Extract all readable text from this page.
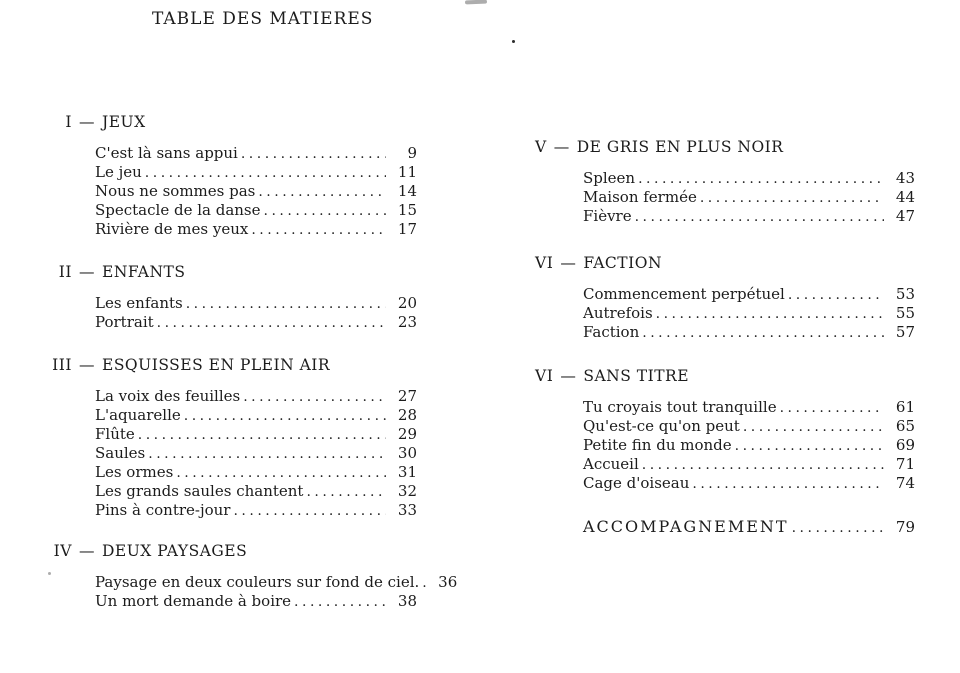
TABLE DES MATIERES
I — JEUX
C'est là sans appui .....	9
Le jeu .....	11
Nous ne sommes pas .....	14
Spectacle de la danse .....	15
Rivière de mes yeux .....	17
II — ENFANTS
Les enfants .....	20
Portrait .....	23
III — ESQUISSES EN PLEIN AIR
La voix des feuilles .....	27
L'aquarelle .....	28
Flûte .....	29
Saules .....	30
Les ormes .....	31
Les grands saules chantent .....	32
Pins à contre-jour .....	33
IV — DEUX PAYSAGES
Paysage en deux couleurs sur fond de ciel. .....	36
Un mort demande à boire .....	38
V — DE GRIS EN PLUS NOIR
Spleen .....	43
Maison fermée .....	44
Fièvre .....	47
VI — FACTION
Commencement perpétuel .....	53
Autrefois .....	55
Faction .....	57
VI — SANS TITRE
Tu croyais tout tranquille .....	61
Qu'est-ce qu'on peut .....	65
Petite fin du monde .....	69
Accueil .....	71
Cage d'oiseau .....	74
ACCOMPAGNEMENT .....	79
